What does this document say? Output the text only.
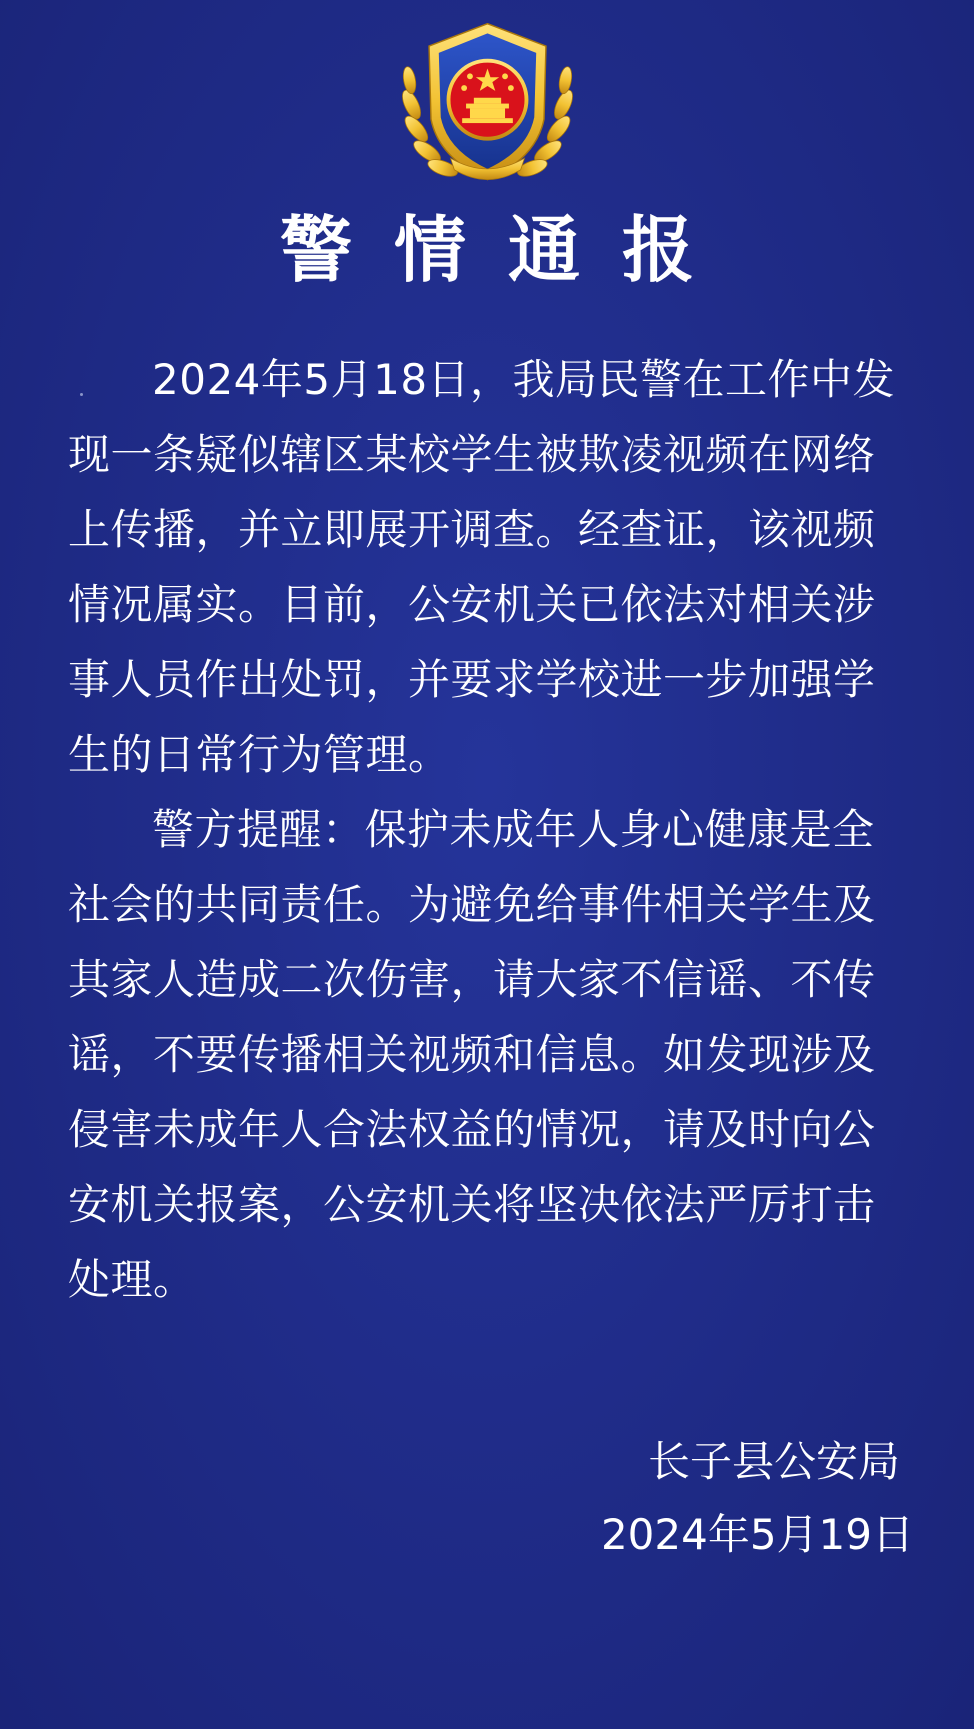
警情通报

2024年5月18日，我局民警在工作中发现一条疑似辖区某校学生被欺凌视频在网络上传播，并立即展开调查。经查证，该视频情况属实。目前，公安机关已依法对相关涉事人员作出处罚，并要求学校进一步加强学生的日常行为管理。

警方提醒：保护未成年人身心健康是全社会的共同责任。为避免给事件相关学生及其家人造成二次伤害，请大家不信谣、不传谣，不要传播相关视频和信息。如发现涉及侵害未成年人合法权益的情况，请及时向公安机关报案，公安机关将坚决依法严厉打击处理。

长子县公安局
2024年5月19日
